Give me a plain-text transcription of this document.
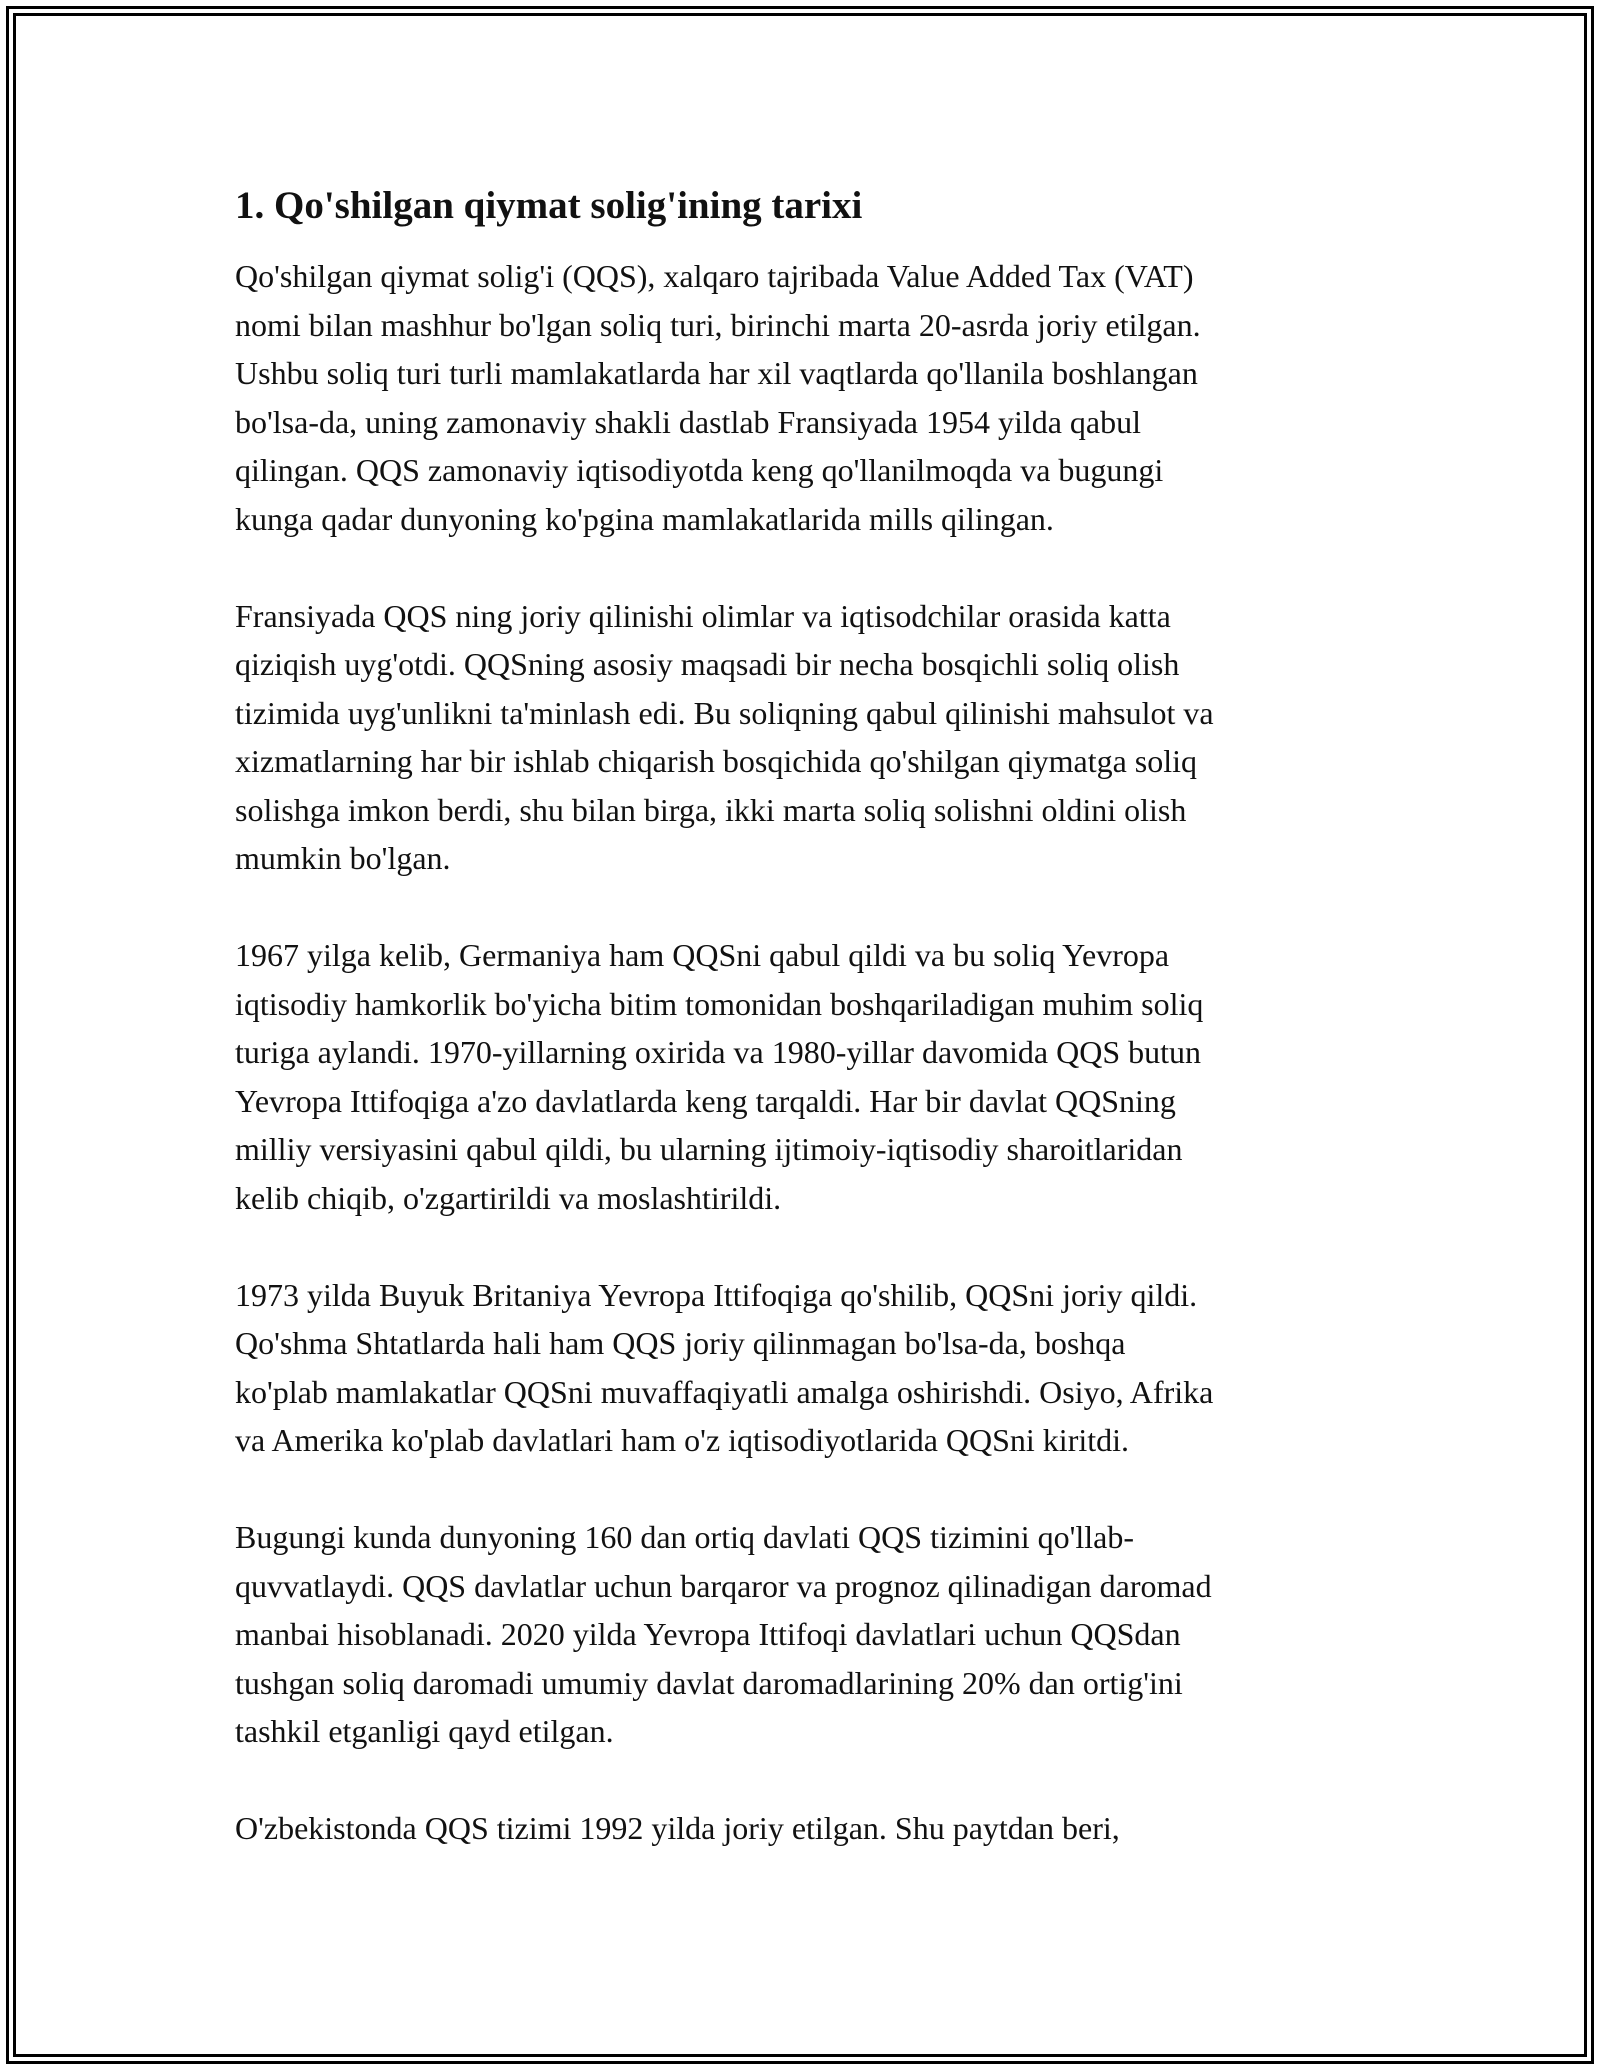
1. Qo'shilgan qiymat solig'ining tarixi

Qo'shilgan qiymat solig'i (QQS), xalqaro tajribada Value Added Tax (VAT)
nomi bilan mashhur bo'lgan soliq turi, birinchi marta 20-asrda joriy etilgan.
Ushbu soliq turi turli mamlakatlarda har xil vaqtlarda qo'llanila boshlangan
bo'lsa-da, uning zamonaviy shakli dastlab Fransiyada 1954 yilda qabul
qilingan. QQS zamonaviy iqtisodiyotda keng qo'llanilmoqda va bugungi
kunga qadar dunyoning ko'pgina mamlakatlarida mills qilingan.

Fransiyada QQS ning joriy qilinishi olimlar va iqtisodchilar orasida katta
qiziqish uyg'otdi. QQSning asosiy maqsadi bir necha bosqichli soliq olish
tizimida uyg'unlikni ta'minlash edi. Bu soliqning qabul qilinishi mahsulot va
xizmatlarning har bir ishlab chiqarish bosqichida qo'shilgan qiymatga soliq
solishga imkon berdi, shu bilan birga, ikki marta soliq solishni oldini olish
mumkin bo'lgan.

1967 yilga kelib, Germaniya ham QQSni qabul qildi va bu soliq Yevropa
iqtisodiy hamkorlik bo'yicha bitim tomonidan boshqariladigan muhim soliq
turiga aylandi. 1970-yillarning oxirida va 1980-yillar davomida QQS butun
Yevropa Ittifoqiga a'zo davlatlarda keng tarqaldi. Har bir davlat QQSning
milliy versiyasini qabul qildi, bu ularning ijtimoiy-iqtisodiy sharoitlaridan
kelib chiqib, o'zgartirildi va moslashtirildi.

1973 yilda Buyuk Britaniya Yevropa Ittifoqiga qo'shilib, QQSni joriy qildi.
Qo'shma Shtatlarda hali ham QQS joriy qilinmagan bo'lsa-da, boshqa
ko'plab mamlakatlar QQSni muvaffaqiyatli amalga oshirishdi. Osiyo, Afrika
va Amerika ko'plab davlatlari ham o'z iqtisodiyotlarida QQSni kiritdi.

Bugungi kunda dunyoning 160 dan ortiq davlati QQS tizimini qo'llab-
quvvatlaydi. QQS davlatlar uchun barqaror va prognoz qilinadigan daromad
manbai hisoblanadi. 2020 yilda Yevropa Ittifoqi davlatlari uchun QQSdan
tushgan soliq daromadi umumiy davlat daromadlarining 20% dan ortig'ini
tashkil etganligi qayd etilgan.

O'zbekistonda QQS tizimi 1992 yilda joriy etilgan. Shu paytdan beri,
